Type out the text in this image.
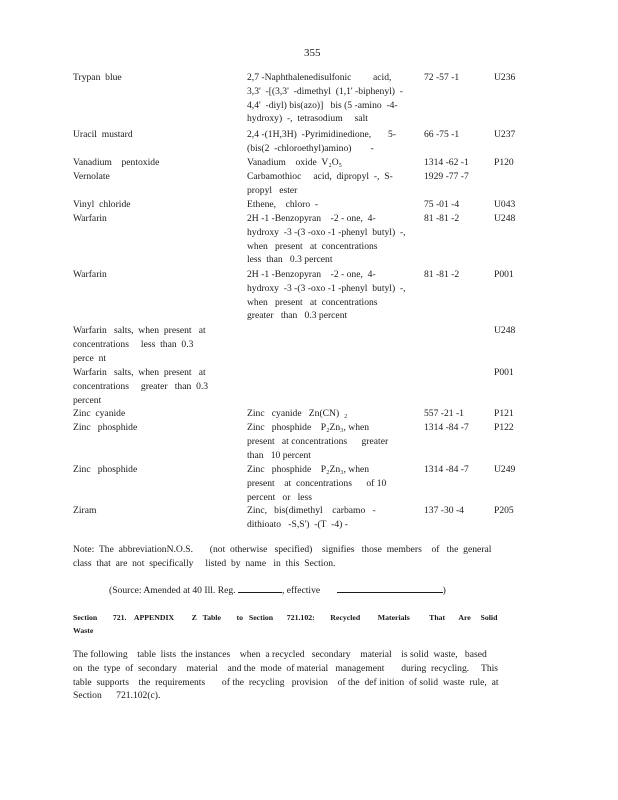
355
Trypan  blue	2,7 -Naphthalenedisulfonic         acid,
3,3'  -[(3,3'  -dimethyl  (1,1' -biphenyl)  -
4,4'  -diyl) bis(azo)]   bis (5 -amino  -4-
hydroxy)  -,  tetrasodium     salt
72 -57 -1	U236
Uracil  mustard	2,4 -(1H,3H)  -Pyrimidinedione,       5-
(bis(2  -chloroethyl)amino)        -
66 -75 -1	U237
Vanadium    pentoxide	Vanadium    oxide  V₂O₅	1314 -62 -1	P120
Vernolate	Carbamothioc     acid,  dipropyl  -,  S-
propyl   ester
1929 -77 -7
Vinyl  chloride	Ethene,    chloro  -	75 -01 -4	U043
Warfarin	2H -1 -Benzopyran    -2 - one,  4-
hydroxy  -3 -(3 -oxo -1 -phenyl  butyl)  -,
when   present   at  concentrations
less  than   0.3 percent
81 -81 -2	U248
Warfarin	2H -1 -Benzopyran    -2 - one,  4-
hydroxy  -3 -(3 -oxo -1 -phenyl  butyl)  -,
when   present   at  concentrations
greater   than   0.3 percent
81 -81 -2	P001
Warfarin   salts,  when  present   at
concentrations     less  than  0.3
perce  nt
U248
Warfarin   salts,  when  present   at
concentrations     greater   than  0.3
percent
P001
Zinc  cyanide	Zinc   cyanide   Zn(CN)  ₂	557 -21 -1	P121
Zinc   phosphide	Zinc   phosphide    P₂Zn₃, when
present   at concentrations      greater
than   10 percent
1314 -84 -7	P122
Zinc   phosphide	Zinc   phosphide    P₂Zn₃, when
present    at  concentrations      of 10
percent   or   less
1314 -84 -7	U249
Ziram	Zinc,   bis(dimethyl    carbamo   -
dithioato   -S,S')  -(T  -4) -
137 -30 -4	P205
Note:  The  abbreviationN.O.S.       (not  otherwise   specified)    signifies   those  members    of   the  general
class  that  are  not  specifically     listed  by  name   in  this  Section.
(Source: Amended at 40 Ill. Reg.	, effective	)
Section        721.    APPENDIX         Z   Table        to   Section       721.102:        Recycled         Materials          That       Are     Solid
Waste
The following    table  lists  the instances    when  a recycled   secondary    material    is solid  waste,   based
on  the  type  of  secondary    material    and the  mode  of material   management       during  recycling.     This
table  supports    the  requirements       of the  recycling   provision    of the  def inition  of solid  waste  rule,  at
Section      721.102(c).
